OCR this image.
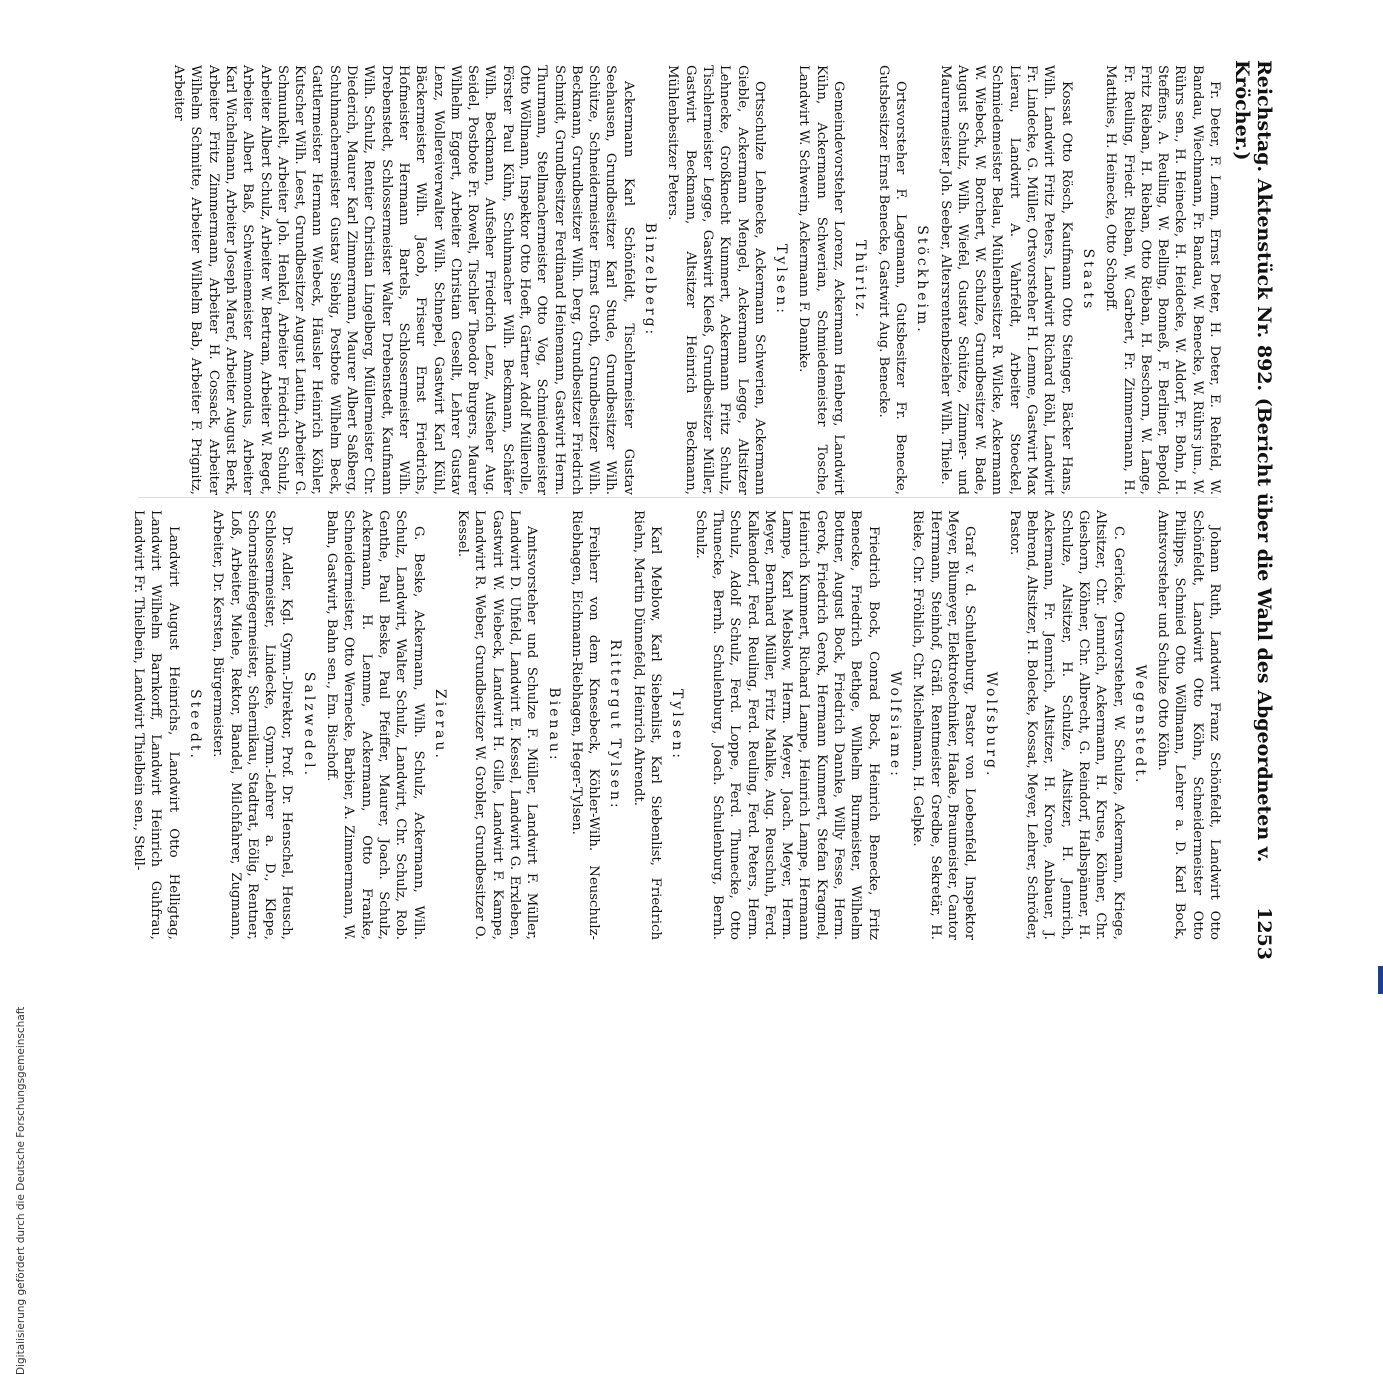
Reichstag. Aktenstück Nr. 892. (Bericht über die Wahl des Abgeordneten v. Kröcher.)
1253

Fr. Deter, F. Lemm, Ernst Deter, H. Deter, E. Rehfeld, W. Bandau, Wiechmann, Fr. Bandau, W. Benecke, W. Rührs jun., W. Rührs sen., H. Heinecke, H. Heidecke, W. Aldorf, Fr. Bohn, H. Steffens, A. Reuling, W. Belling, Bonneß, F. Berliner, Bepold, Fritz Rieban, H. Rieban, Otto Rieban, H. Beschorn, W. Lange, Fr. Reuling, Friedr. Rieban, W. Garbert, Fr. Zimmermann, H. Matthies, H. Heinecke, Otto Schopff.

Staats

Kossat Otto Rösch, Kaufmann Otto Steinger, Bäcker Hans, Wilh. Landwirt Fritz Peters, Landwirt Richard Röhl, Landwirt Fr. Lindecke, G. Müller, Ortsvorsteher H. Lemme, Gastwirt Max Lierau, Landwirt A. Vahrfeldt, Arbeiter Stoeckel, Schmiedemeister Belau, Mühlenbesitzer R. Wilcke, Ackermann W. Wiebeck, W. Borchert, W. Schulze, Grundbesitzer W. Bade, August Schulz, Wilh. Wiefel, Gustav Schütze, Zimmer- und Maurermeister Joh. Seeber, Altersrentenbezieher Wilh. Thiele.

Stöckheim.

Ortsvorsteher F. Lagemann, Gutsbesitzer Fr. Benecke, Gutsbesitzer Ernst Benecke, Gastwirt Aug. Benecke.

Thüritz.

Gemeindevorsteher Lorenz, Ackermann Henberg, Landwirt Kühn, Ackermann Schwerian, Schmiedemeister Tosche, Landwirt W. Schwerin, Ackermann F. Dannke.

Tylsen:

Ortsschulze Lehnecke, Ackermann Schwerien, Ackermann Gieble, Ackermann Mengel, Ackermann Legge, Altsitzer Lehnecke, Großknecht Kummert, Ackermann Fritz Schulz, Tischlermeister Legge, Gastwirt Kleeß, Grundbesitzer Müller, Gastwirt Beckmann, Altsitzer Heinrich Beckmann, Mühlenbesitzer Peters.

Binzelberg:

Ackermann Karl Schönfeldt, Tischlermeister Gustav Seehausen, Grundbesitzer Karl Stude, Grundbesitzer Wilh. Schütze, Schneidermeister Ernst Groth, Grundbesitzer Wilh. Beckmann, Grundbesitzer Wilh. Derg, Grundbesitzer Friedrich Schmidt, Grundbesitzer Ferdinand Heinemann, Gastwirt Herm. Thurmann, Stellmachermeister Otto Vog, Schmiedemeister Otto Wöllmann, Inspektor Otto Hoeft, Gärtner Adolf Müllerolle, Förster Paul Kühn, Schuhmacher Wilh. Beckmann, Schäfer Wilh. Beckmann, Aufseher Friedrich Lenz, Aufseher Aug. Seidel, Postbote Fr. Rowelt, Tischler Theodor Burgers, Maurer Wilhelm Eggert, Arbeiter Christian Gesellt, Lehrer Gustav Lenz, Wollereiverwalter Wilh. Schnepel, Gastwirt Karl Kühl, Bäckermeister Wilh. Jacob, Friseur Ernst Friedrichs, Hofmeister Hermann Bartels, Schlossermeister Wilh. Drebenstedt, Schlossermeister Walter Drebenstedt, Kaufmann Wilh. Schulz, Rentier Christian Lingelberg, Müllermeister Chr. Diederich, Maurer Karl Zimmermann, Maurer Albert Saßberg, Schuhmachermeister Gustav Siebig, Postbote Wilhelm Beck, Gattlermeister Hermann Wiebeck, Häusler Heinrich Köhler, Kutscher Wilh. Leest, Grundbesitzer August Lautin, Arbeiter G. Schmunkelt, Arbeiter Joh. Henkel, Arbeiter Friedrich Schulz, Arbeiter Albert Schulz, Arbeiter W. Bertram, Arbeiter W. Reget, Arbeiter Albert Baß, Schweinemeister Ammondus, Arbeiter Karl Wichelmann, Arbeiter Joseph Maref, Arbeiter August Berk, Arbeiter Fritz Zimmermann, Arbeiter H. Cossack, Arbeiter Wilhelm Schmitte, Arbeiter Wilhelm Bab, Arbeiter F. Prignitz, Arbeiter

Johann Ruth, Landwirt Franz Schönfeldt, Landwirt Otto Schönfeldt, Landwirt Otto Köhn, Schneidermeister Otto Philipps, Schmied Otto Wöllmann, Lehrer a. D. Karl Bock, Amtsvorsteher und Schulze Otto Köhn.

Wegenstedt.

C. Gericke, Ortsvorsteher, W. Schulze, Ackermann, Kriege, Altsitzer, Chr. Jennrich, Ackermann, H. Kruse, Köhner, Chr. Gieshorn, Köhner, Chr. Albrecht, G. Reindorf, Halbspänner, H. Schulze, Altsitzer, H. Schulze, Altsitzer, H. Jennrich, Ackermann, Fr. Jennrich, Altsitzer, H. Krone, Anbauer, J. Behrend, Altsitzer, H. Bolecke, Kossat, Meyer, Lehrer, Schröder, Pastor.

Wolfsburg.

Graf v. d. Schulenburg, Pastor von Loebenfeld, Inspektor Meyer, Blumeyer, Elektrotechniker, Haake, Braumeister, Cantor Herrmann, Steinhof, Gräfl. Rentmeister Gredbe, Sekretär, H. Rieke, Chr. Fröhlich, Chr. Michelmann, H. Gelpke.

Wolfsiame:

Friedrich Bock, Conrad Bock, Heinrich Benecke, Fritz Benecke, Friedrich Bethge, Wilhelm Burmeister, Wilhelm Bottner, August Bock, Friedrich Dannke, Willy Fesse, Herm. Gerok, Friedrich Gerok, Hermann Kummert, Stefan Kragmel, Heinrich Kummert, Richard Lampe, Heinrich Lampe, Hermann Lampe, Karl Mebslow, Herm. Meyer, Joach. Meyer, Herm. Meyer, Bernhard Müller, Fritz Mahlke, Aug. Reuschuh, Ferd. Kalkendorf, Ferd. Reuling, Ferd. Reuling, Ferd. Peters, Herm. Schulz, Adolf Schulz, Ferd. Loppe, Ferd. Thunecke, Otto Thunecke, Bernh. Schulenburg, Joach. Schulenburg, Bernh. Schulz.

Tylsen:

Karl Meblow, Karl Siebenlist, Karl Siebenlist, Friedrich Riehn, Martin Dünnefeld, Heinrich Ahrendt.

Rittergut Tylsen:

Freiherr von dem Knesebeck, Köhler-Wilh. Neuschulz-Riebhagen, Eichmann-Riebhagen, Heger-Tylsen.

Bienau:

Amtsvorsteher und Schulze F. Müller, Landwirt F. Müller, Landwirt D. Uhfeld, Landwirt E. Kessel, Landwirt G. Erxleben, Gastwirt W. Wiebeck, Landwirt H. Gille, Landwirt F. Kampe, Landwirt R. Weber, Grundbesitzer W. Grobler, Grundbesitzer O. Kessel.

Zierau.

G. Beske, Ackermann, Wilh. Schulz, Ackermann, Wilh. Schulz, Landwirt, Walter Schulz, Landwirt, Chr. Schulz, Rob. Genthe, Paul Beske, Paul Pfeiffer, Maurer, Joach. Schulz, Ackermann, H. Lemme, Ackermann, Otto Franke, Schneidermeister, Otto Wernecke, Barbier, A. Zimmermann, W. Bahn, Gastwirt, Bahn sen., Em. Bischoff.

Salzwedel.

Dr. Adler, Kgl. Gymn.-Direktor, Prof. Dr. Henschel, Heusch, Schlossermeister, Lindecke, Gymn.-Lehrer a. D., Klepe, Schornsteinfegermeister, Schernikau, Stadtrat, Eölig, Rentner, Loß, Arbeiter, Miehe, Rektor, Bandel, Milchfahrer, Zugmann, Arbeiter, Dr. Kersten, Bürgermeister.

Steedt.

Landwirt August Heinrichs, Landwirt Otto Helligtag, Landwirt Wilhelm Barnkorff, Landwirt Heinrich Guhfrau, Landwirt Fr. Thielbein, Landwirt Thielbein sen., Stell-

Digitalisierung gefördert durch die Deutsche Forschungsgemeinschaft
